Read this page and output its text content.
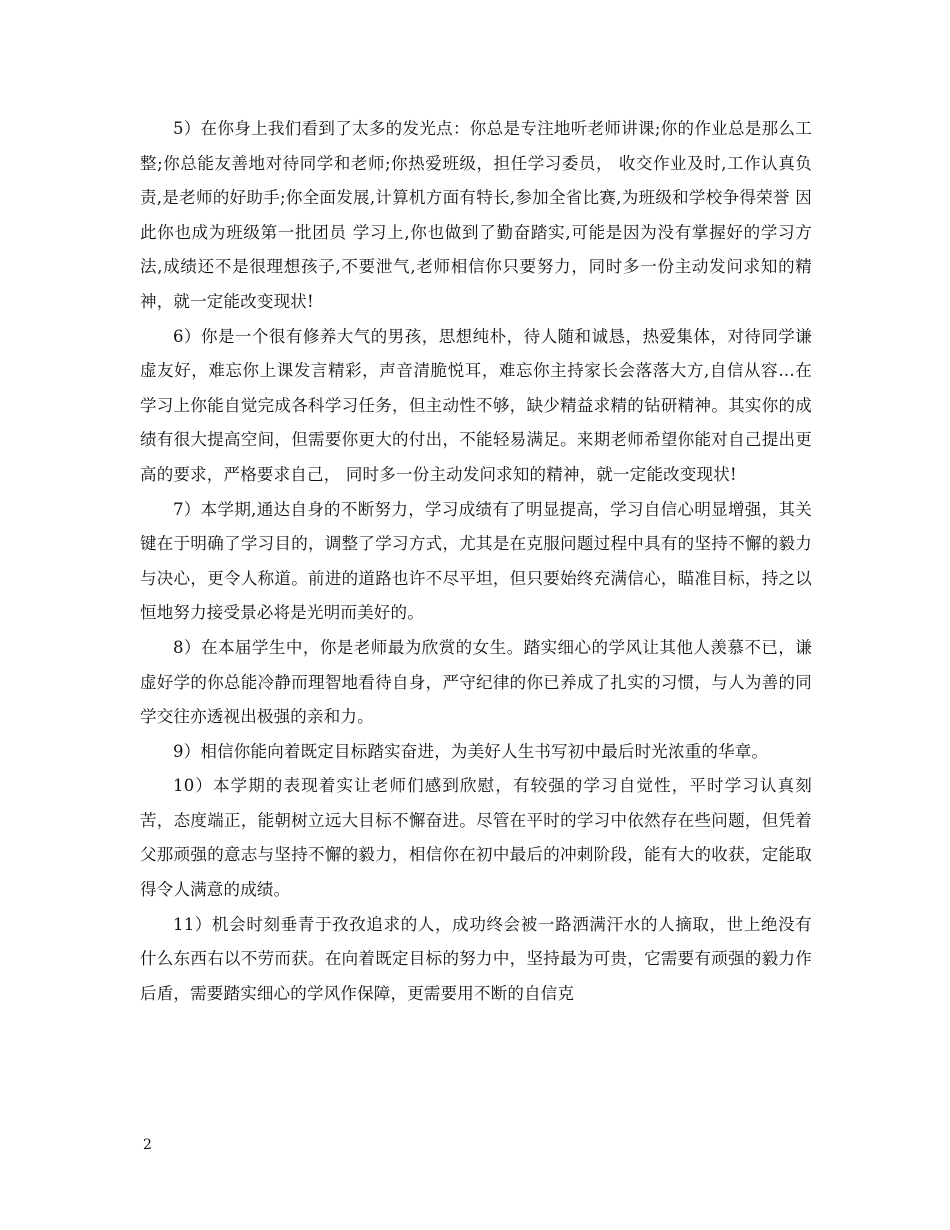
5）在你身上我们看到了太多的发光点：你总是专注地听老师讲课;你的作业总是那么工整;你总能友善地对待同学和老师;你热爱班级，担任学习委员， 收交作业及时,工作认真负责,是老师的好助手;你全面发展,计算机方面有特长,参加全省比赛,为班级和学校争得荣誉 因此你也成为班级第一批团员 学习上,你也做到了勤奋踏实,可能是因为没有掌握好的学习方法,成绩还不是很理想孩子,不要泄气,老师相信你只要努力，同时多一份主动发问求知的精神，就一定能改变现状!

6）你是一个很有修养大气的男孩，思想纯朴，待人随和诚恳，热爱集体，对待同学谦虚友好，难忘你上课发言精彩，声音清脆悦耳，难忘你主持家长会落落大方,自信从容…在学习上你能自觉完成各科学习任务，但主动性不够，缺少精益求精的钻研精神。其实你的成绩有很大提高空间，但需要你更大的付出，不能轻易满足。来期老师希望你能对自己提出更高的要求，严格要求自己， 同时多一份主动发问求知的精神，就一定能改变现状!

7）本学期,通达自身的不断努力，学习成绩有了明显提高，学习自信心明显增强，其关键在于明确了学习目的，调整了学习方式，尤其是在克服问题过程中具有的坚持不懈的毅力与决心，更令人称道。前进的道路也许不尽平坦，但只要始终充满信心，瞄准目标，持之以恒地努力接受景必将是光明而美好的。

8）在本届学生中，你是老师最为欣赏的女生。踏实细心的学风让其他人羡慕不已，谦虚好学的你总能冷静而理智地看待自身，严守纪律的你已养成了扎实的习惯，与人为善的同学交往亦透视出极强的亲和力。

9）相信你能向着既定目标踏实奋进，为美好人生书写初中最后时光浓重的华章。

10）本学期的表现着实让老师们感到欣慰，有较强的学习自觉性，平时学习认真刻苦，态度端正，能朝树立远大目标不懈奋进。尽管在平时的学习中依然存在些问题，但凭着父那顽强的意志与坚持不懈的毅力，相信你在初中最后的冲刺阶段，能有大的收获，定能取得令人满意的成绩。

11）机会时刻垂青于孜孜追求的人，成功终会被一路洒满汗水的人摘取，世上绝没有什么东西右以不劳而获。在向着既定目标的努力中，坚持最为可贵，它需要有顽强的毅力作后盾，需要踏实细心的学风作保障，更需要用不断的自信克

2
